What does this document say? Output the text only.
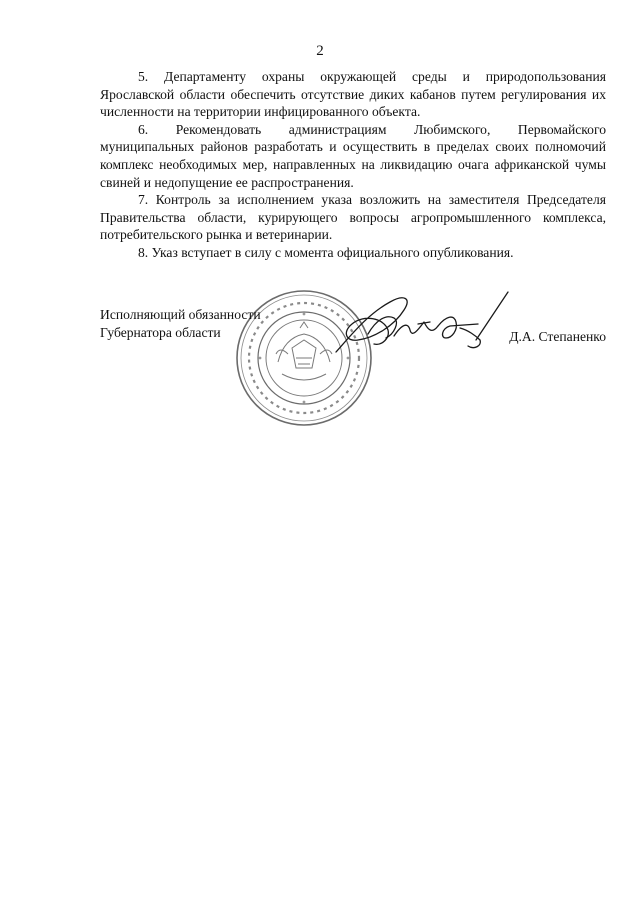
2

5. Департаменту охраны окружающей среды и природопользования Ярославской области обеспечить отсутствие диких кабанов путем регулирования их численности на территории инфицированного объекта.

6. Рекомендовать администрациям Любимского, Первомайского муниципальных районов разработать и осуществить в пределах своих полномочий комплекс необходимых мер, направленных на ликвидацию очага африканской чумы свиней и недопущение ее распространения.

7. Контроль за исполнением указа возложить на заместителя Председателя Правительства области, курирующего вопросы агропромышленного комплекса, потребительского рынка и ветеринарии.

8. Указ вступает в силу с момента официального опубликования.

Исполняющий обязанности
Губернатора области	Д.А. Степаненко
